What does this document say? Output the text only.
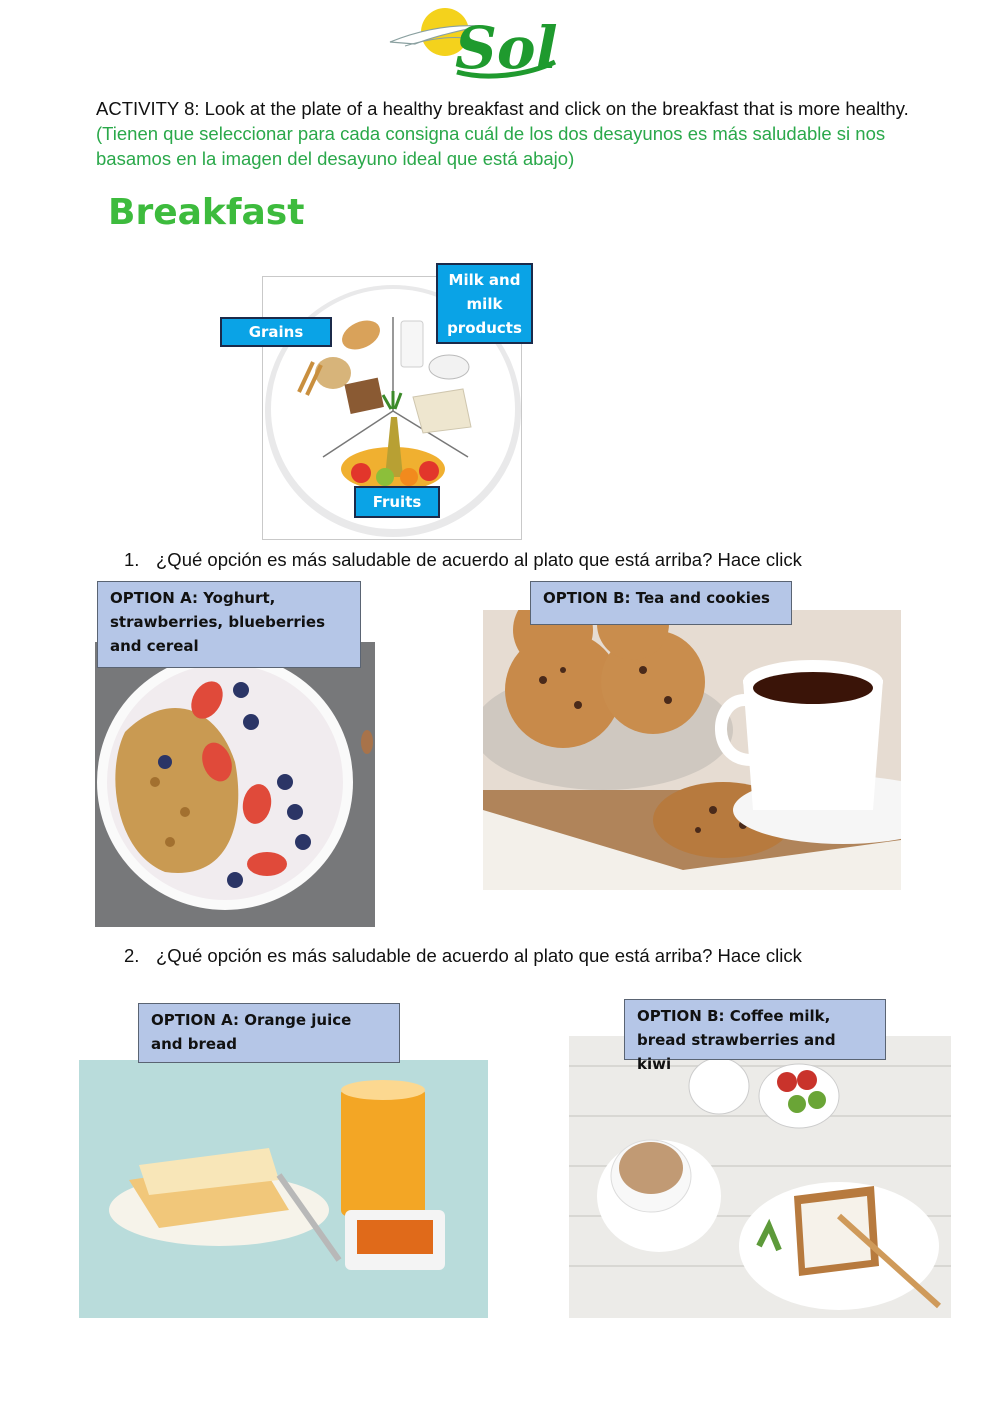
Sol
ACTIVITY 8: Look at the plate of a healthy breakfast and click on the breakfast that is more healthy. (Tienen que seleccionar para cada consigna cuál de los dos desayunos es más saludable si nos basamos en la imagen del desayuno ideal que está abajo)
Breakfast
Grains
Milk and milk products
Fruits
1. ¿Qué opción es más saludable de acuerdo al plato que está arriba? Hace click
OPTION A: Yoghurt, strawberries, blueberries and cereal
OPTION B: Tea and cookies
2. ¿Qué opción es más saludable de acuerdo al plato que está arriba? Hace click
OPTION A: Orange juice and bread
OPTION B: Coffee milk, bread strawberries and kiwi
